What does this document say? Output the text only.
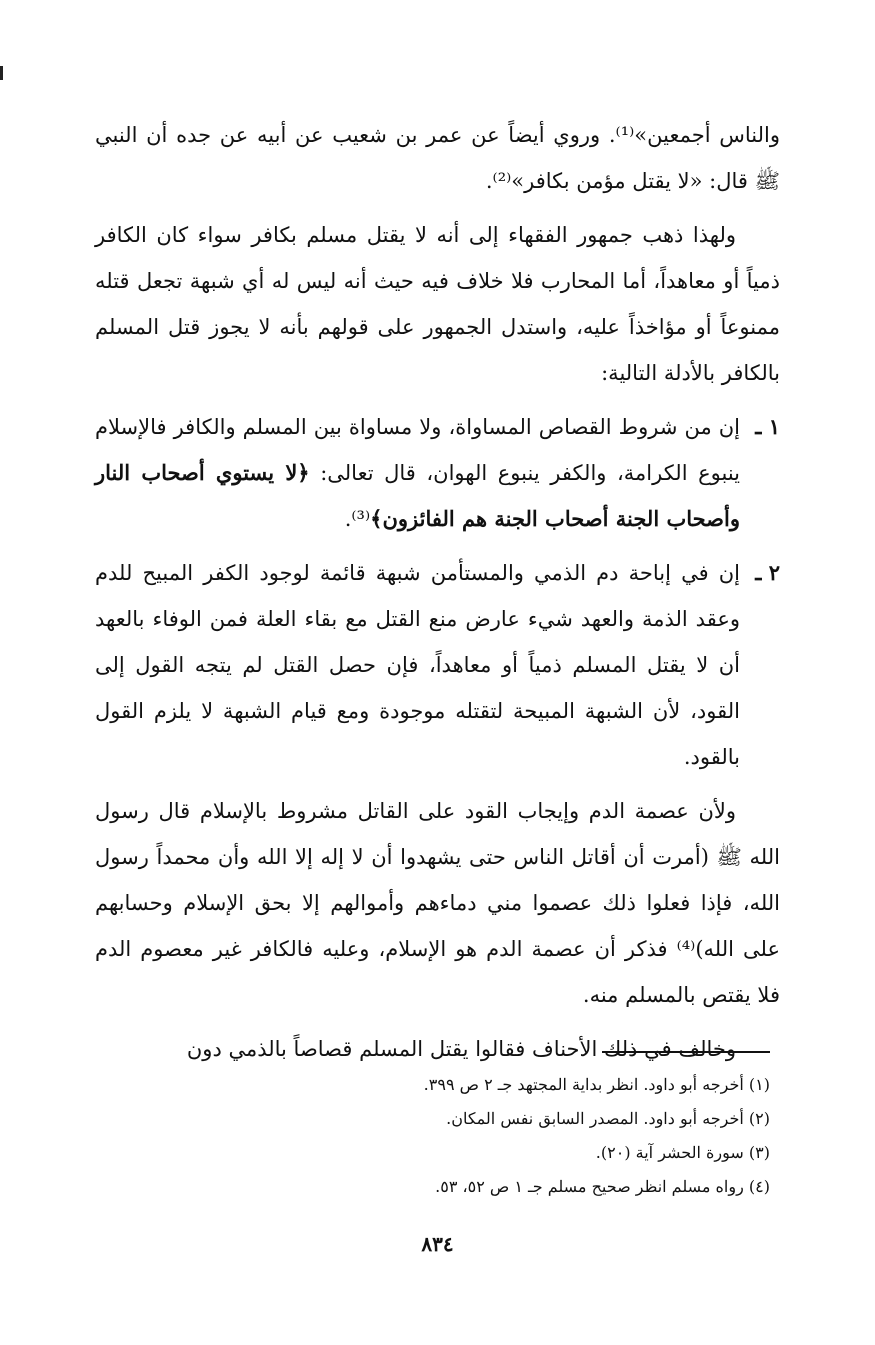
والناس أجمعين»⁽¹⁾. وروي أيضاً عن عمر بن شعيب عن أبيه عن جده أن النبي ﷺ قال: «لا يقتل مؤمن بكافر»⁽²⁾.

ولهذا ذهب جمهور الفقهاء إلى أنه لا يقتل مسلم بكافر سواء كان الكافر ذمياً أو معاهداً، أما المحارب فلا خلاف فيه حيث أنه ليس له أي شبهة تجعل قتله ممنوعاً أو مؤاخذاً عليه، واستدل الجمهور على قولهم بأنه لا يجوز قتل المسلم بالكافر بالأدلة التالية:

١ ـ
إن من شروط القصاص المساواة، ولا مساواة بين المسلم والكافر فالإسلام ينبوع الكرامة، والكفر ينبوع الهوان، قال تعالى: ﴿لا يستوي أصحاب النار وأصحاب الجنة أصحاب الجنة هم الفائزون﴾⁽³⁾.
٢ ـ
إن في إباحة دم الذمي والمستأمن شبهة قائمة لوجود الكفر المبيح للدم وعقد الذمة والعهد شيء عارض منع القتل مع بقاء العلة فمن الوفاء بالعهد أن لا يقتل المسلم ذمياً أو معاهداً، فإن حصل القتل لم يتجه القول إلى القود، لأن الشبهة المبيحة لتقتله موجودة ومع قيام الشبهة لا يلزم القول بالقود.

ولأن عصمة الدم وإيجاب القود على القاتل مشروط بالإسلام قال رسول الله ﷺ (أمرت أن أقاتل الناس حتى يشهدوا أن لا إله إلا الله وأن محمداً رسول الله، فإذا فعلوا ذلك عصموا مني دماءهم وأموالهم إلا بحق الإسلام وحسابهم على الله)⁽⁴⁾ فذكر أن عصمة الدم هو الإسلام، وعليه فالكافر غير معصوم الدم فلا يقتص بالمسلم منه.

وخالف في ذلك الأحناف فقالوا يقتل المسلم قصاصاً بالذمي دون

(١) أخرجه أبو داود. انظر بداية المجتهد جـ ٢ ص ٣٩٩.
(٢) أخرجه أبو داود. المصدر السابق نفس المكان.
(٣) سورة الحشر آية (٢٠).
(٤) رواه مسلم انظر صحيح مسلم جـ ١ ص ٥٢، ٥٣.
٨٣٤
